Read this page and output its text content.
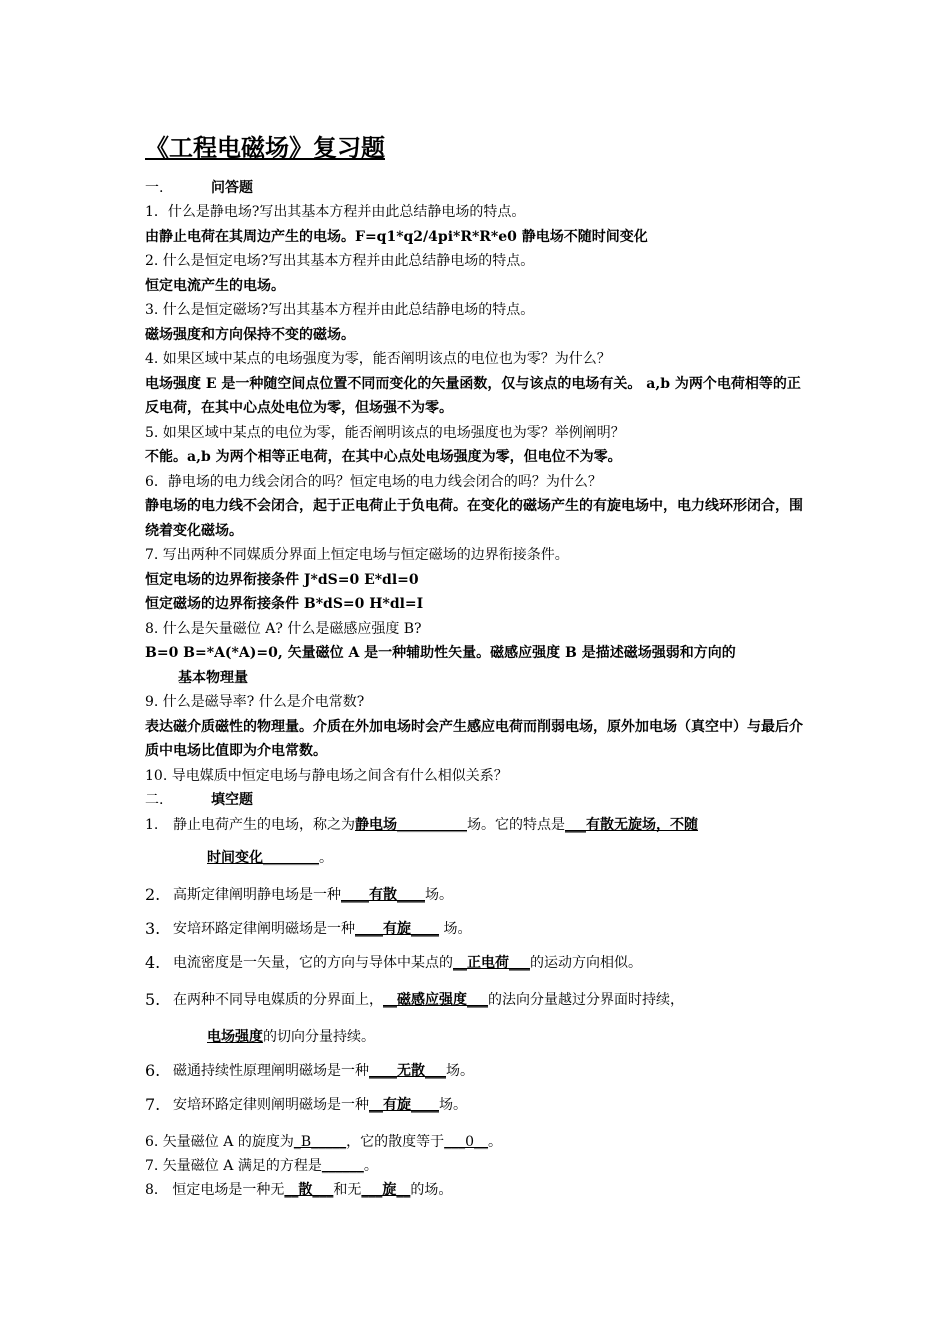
《工程电磁场》复习题
一.	问答题
1．什么是静电场?写出其基本方程并由此总结静电场的特点。
由静止电荷在其周边产生的电场。F=q1*q2/4pi*R*R*e0 静电场不随时间变化
2. 什么是恒定电场?写出其基本方程并由此总结静电场的特点。
恒定电流产生的电场。
3. 什么是恒定磁场?写出其基本方程并由此总结静电场的特点。
磁场强度和方向保持不变的磁场。
4. 如果区域中某点的电场强度为零，能否阐明该点的电位也为零？为什么？
电场强度 E 是一种随空间点位置不同而变化的矢量函数，仅与该点的电场有关。 a,b 为两个电荷相等的正反电荷，在其中心点处电位为零，但场强不为零。
5. 如果区域中某点的电位为零，能否阐明该点的电场强度也为零？举例阐明？
不能。a,b 为两个相等正电荷，在其中心点处电场强度为零，但电位不为零。
6．静电场的电力线会闭合的吗？恒定电场的电力线会闭合的吗？为什么？
静电场的电力线不会闭合，起于正电荷止于负电荷。在变化的磁场产生的有旋电场中，电力线环形闭合，围绕着变化磁场。
7. 写出两种不同媒质分界面上恒定电场与恒定磁场的边界衔接条件。
恒定电场的边界衔接条件 J*dS=0 E*dl=0
恒定磁场的边界衔接条件 B*dS=0 H*dl=I
8. 什么是矢量磁位 A? 什么是磁感应强度 B?
B=0 B=*A(*A)=0, 矢量磁位 A 是一种辅助性矢量。磁感应强度 B 是描述磁场强弱和方向的
基本物理量
9. 什么是磁导率? 什么是介电常数?
表达磁介质磁性的物理量。介质在外加电场时会产生感应电荷而削弱电场，原外加电场（真空中）与最后介质中电场比值即为介电常数。
10. 导电媒质中恒定电场与静电场之间含有什么相似关系？
二.	填空题
1.	静止电荷产生的电场，称之为静电场__________场。它的特点是___有散无旋场，不随
时间变化________。
2. 高斯定律阐明静电场是一种____有散____场。
3. 安培环路定律阐明磁场是一种____有旋____ 场。
4. 电流密度是一矢量，它的方向与导体中某点的__正电荷___的运动方向相似。
5. 在两种不同导电媒质的分界面上，__磁感应强度___的法向分量越过分界面时持续，
电场强度的切向分量持续。
6. 磁通持续性原理阐明磁场是一种____无散___场。
7. 安培环路定律则阐明磁场是一种__有旋____场。
6. 矢量磁位 A 的旋度为_B_____，它的散度等于___0__。
7. 矢量磁位 A 满足的方程是______。
8． 恒定电场是一种无__散___和无___旋__的场。
